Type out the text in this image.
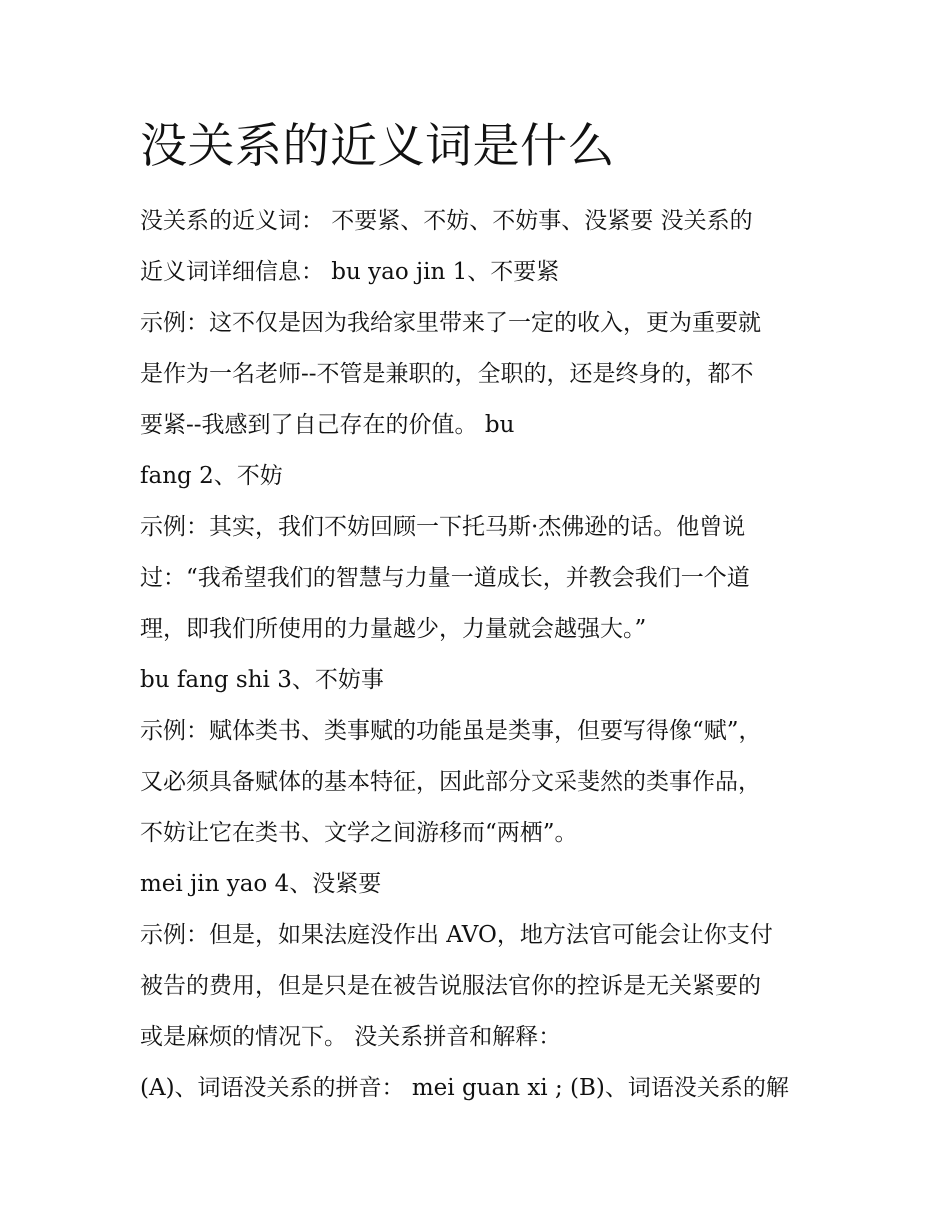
没关系的近义词是什么
没关系的近义词： 不要紧、不妨、不妨事、没紧要 没关系的
近义词详细信息： bu yao jin 1、不要紧
示例：这不仅是因为我给家里带来了一定的收入，更为重要就
是作为一名老师--不管是兼职的，全职的，还是终身的，都不
要紧--我感到了自己存在的价值。 bu
fang 2、不妨
示例：其实，我们不妨回顾一下托马斯·杰佛逊的话。他曾说
过：“我希望我们的智慧与力量一道成长，并教会我们一个道
理，即我们所使用的力量越少，力量就会越强大。”
bu fang shi 3、不妨事
示例：赋体类书、类事赋的功能虽是类事，但要写得像“赋”，
又必须具备赋体的基本特征，因此部分文采斐然的类事作品，
不妨让它在类书、文学之间游移而“两栖”。
mei jin yao 4、没紧要
示例：但是，如果法庭没作出 AVO，地方法官可能会让你支付
被告的费用，但是只是在被告说服法官你的控诉是无关紧要的
或是麻烦的情况下。 没关系拼音和解释：
(A)、词语没关系的拼音： mei guan xi ; (B)、词语没关系的解
